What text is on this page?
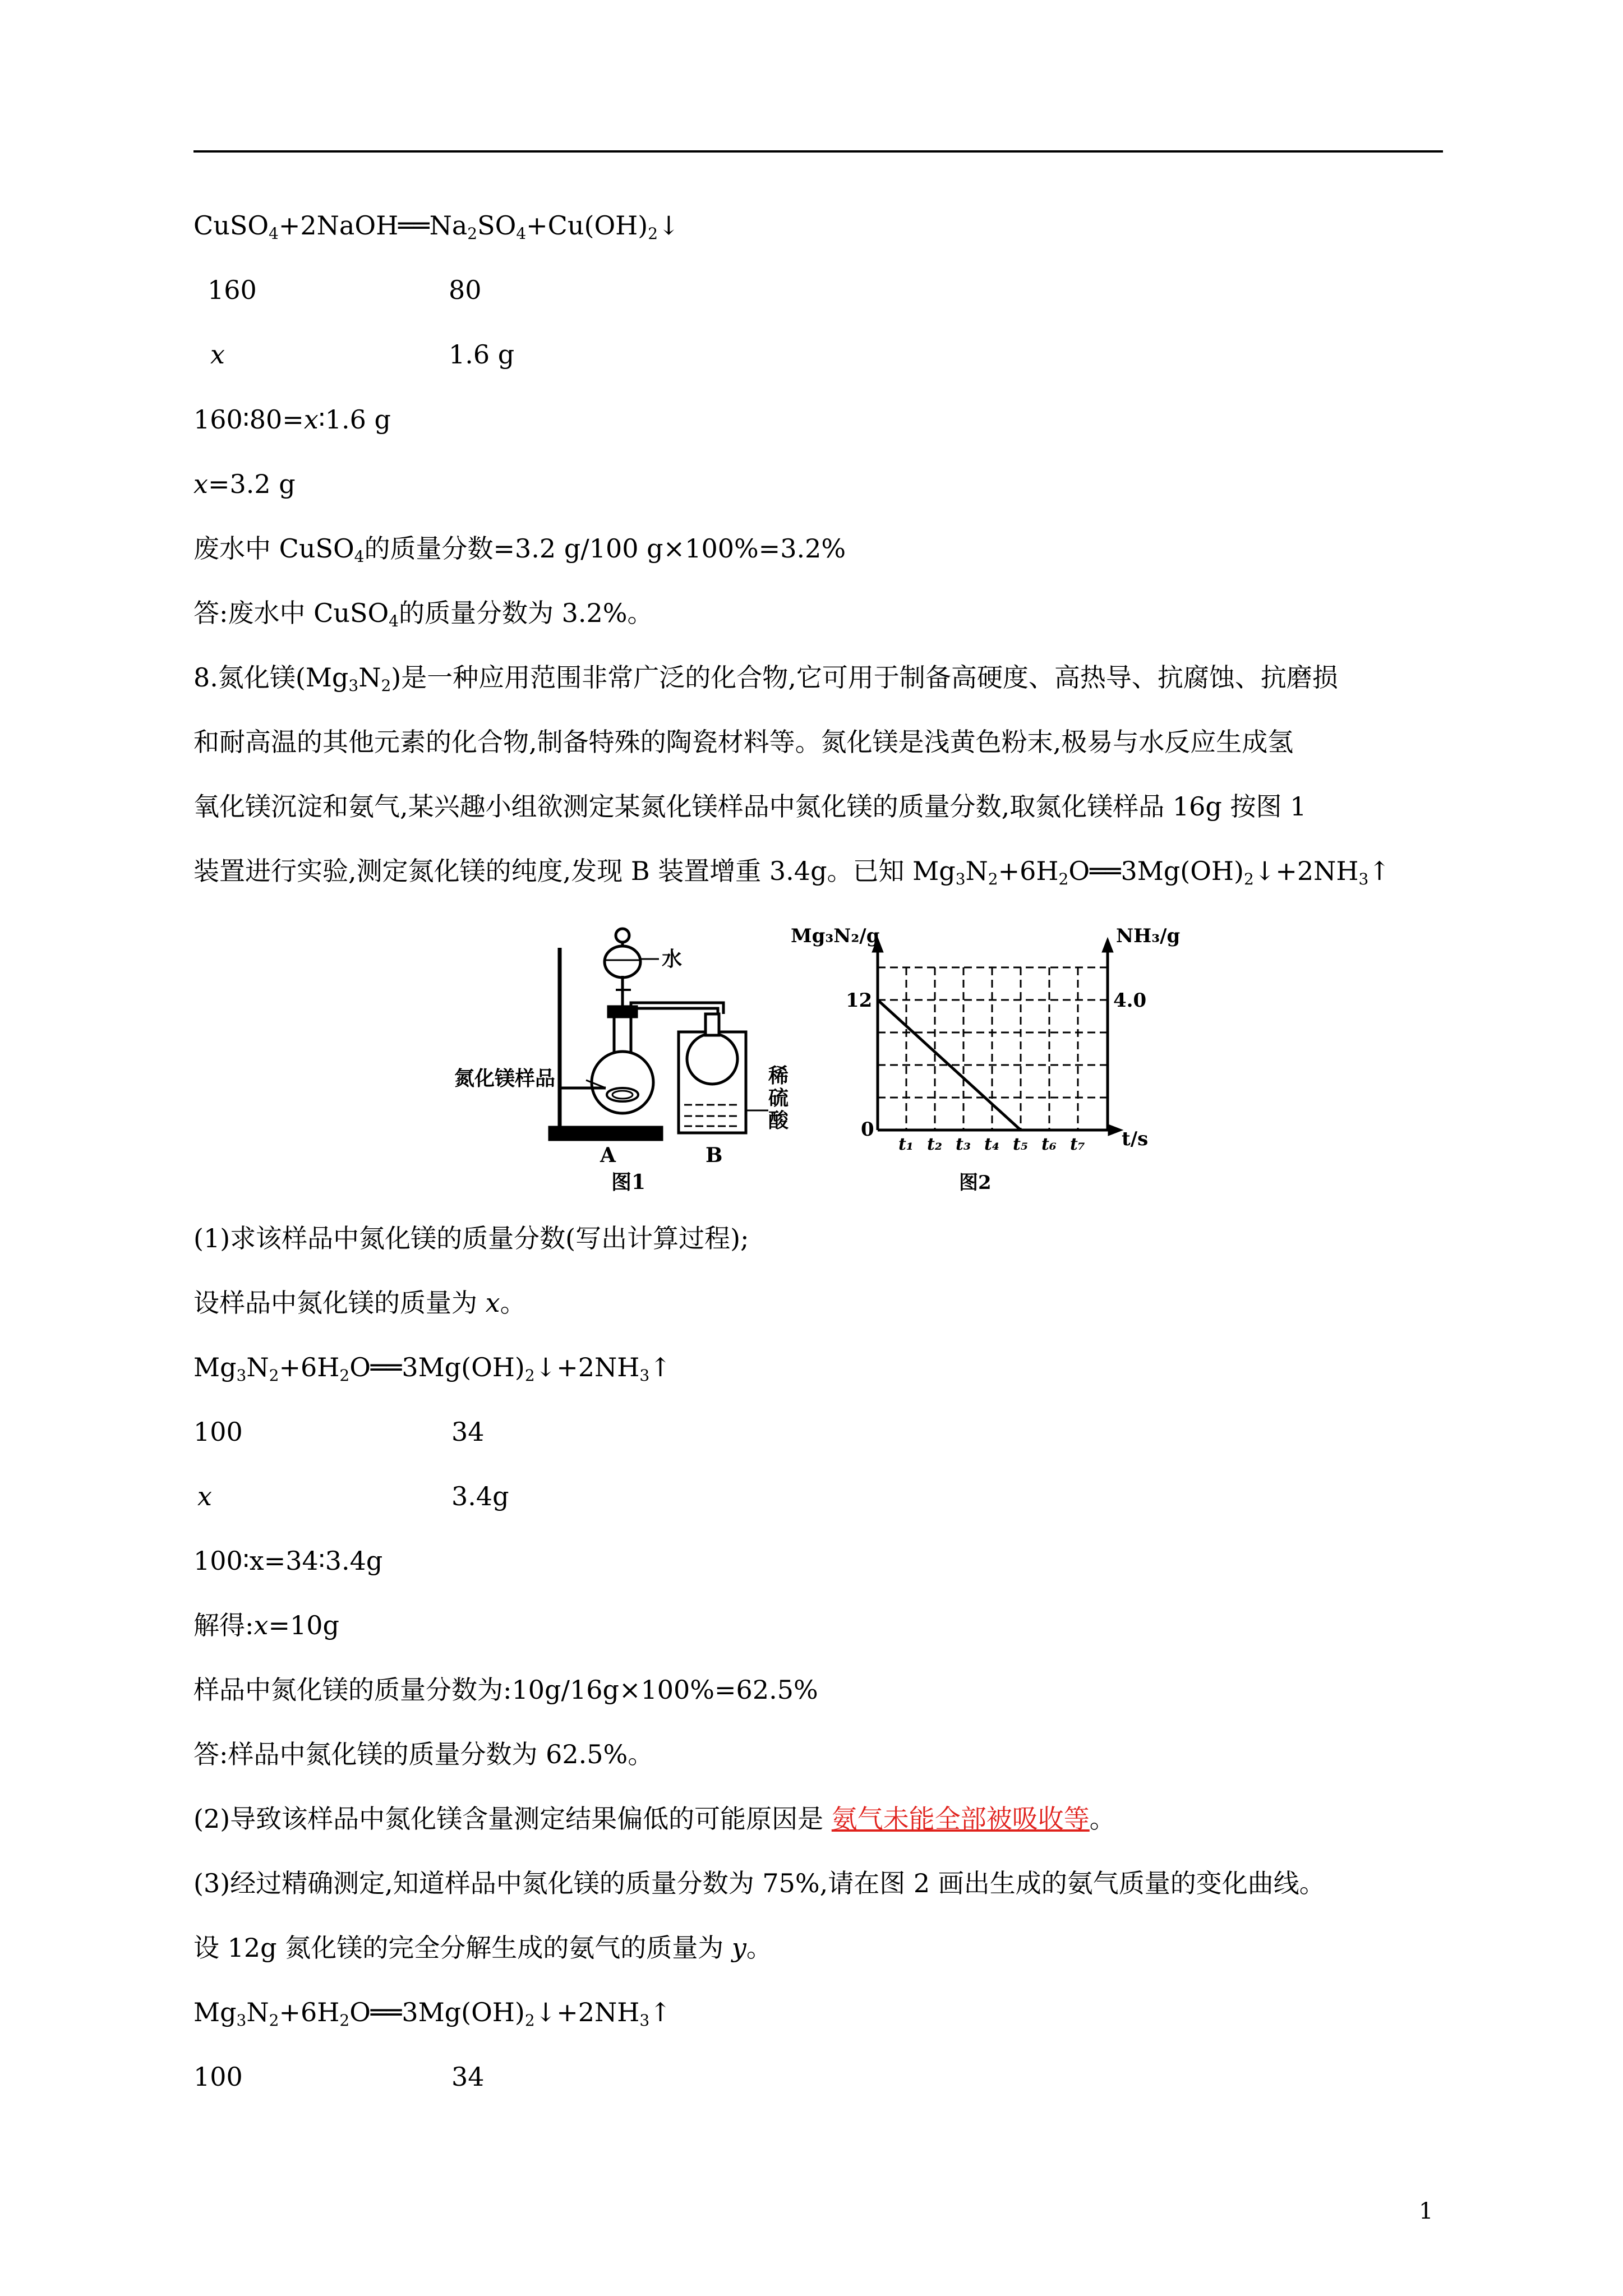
$CuSO_4+2NaOH══Na_2SO_4+Cu(OH)_2↓$
160	80
x	1.6 g
160∶80=x∶1.6 g
x=3.2 g
废水中 CuSO$_4$的质量分数=3.2 g/100 g×100%=3.2%
答:废水中 CuSO$_4$的质量分数为 3.2%。
8.氮化镁$(Mg_3N_2)$是一种应用范围非常广泛的化合物,它可用于制备高硬度、高热导、抗腐蚀、抗磨损
和耐高温的其他元素的化合物,制备特殊的陶瓷材料等。氮化镁是浅黄色粉末,极易与水反应生成氢
氧化镁沉淀和氨气,某兴趣小组欲测定某氮化镁样品中氮化镁的质量分数,取氮化镁样品 16g 按图 1
装置进行实验,测定氮化镁的纯度,发现 B 装置增重 3.4g。已知 $Mg_3N_2+6H_2O══3Mg(OH)_2↓+2NH_3↑$
水
氮化镁样品	稀
硫
酸
A	B
图1
Mg₃N₂/g	NH₃/g
12	4.0
0	t/s
t₁ t₂ t₃ t₄ t₅ t₆ t₇
图2
(1)求该样品中氮化镁的质量分数(写出计算过程);
设样品中氮化镁的质量为 x。
$Mg_3N_2+6H_2O══3Mg(OH)_2↓+2NH_3↑$
100	34
x	3.4g
100∶x=34∶3.4g
解得:x=10g
样品中氮化镁的质量分数为:10g/16g×100%=62.5%
答:样品中氮化镁的质量分数为 62.5%。
(2)导致该样品中氮化镁含量测定结果偏低的可能原因是 氨气未能全部被吸收等。
(3)经过精确测定,知道样品中氮化镁的质量分数为 75%,请在图 2 画出生成的氨气质量的变化曲线。
设 12g 氮化镁的完全分解生成的氨气的质量为 y。
$Mg_3N_2+6H_2O══3Mg(OH)_2↓+2NH_3↑$
100	34
1
